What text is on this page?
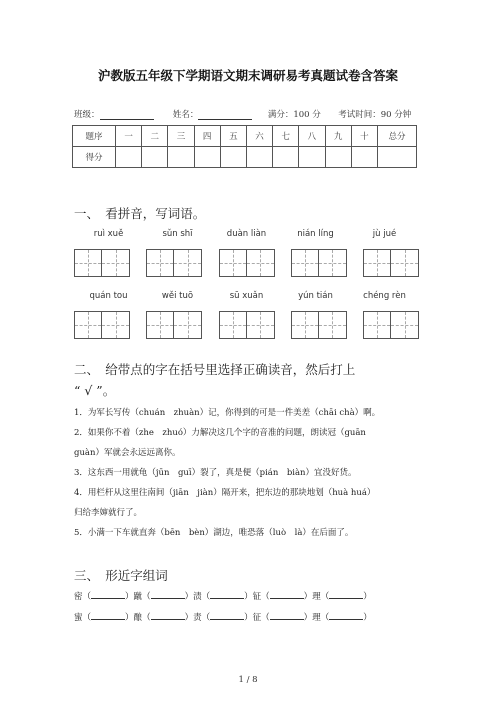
沪教版五年级下学期语文期末调研易考真题试卷含答案
班级：	姓名：	满分：100 分 考试时间：90 分钟
题序	一	二	三	四	五	六	七	八	九	十	总分
得分											
一、　看拼音，写词语。
ruì xuě	sǔn shī	duàn liàn	nián líng	jù jué
quán tou	wěi tuō	sū xuǎn	yún tián	chéng rèn
二、　给带点的字在括号里选择正确读音，然后打上
“ √ ”。
1．为军长写传（chuán　zhuàn）记，你得到的可是一件美差（chāi chà）啊。
2．如果你不着（zhe　zhuó）力解决这几个字的音准的问题，朗读冠（guān
guàn）军就会永远远离你。
3．这东西一用就龟（jūn　guī）裂了，真是便（pián　biàn）宜没好货。
4．用栏杆从这里往南间（jiān　jiàn）隔开来，把东边的那块地划（huà huá）
归给李婶就行了。
5．小满一下车就直奔（bēn　bèn）湖边，唯恐落（luò　là）在后面了。
三、　形近字组词
密（	）蹴（	）渍（	）钲（	）理（	）
蜜（	）酿（	）责（	）征（	）理（	）
1 / 8
